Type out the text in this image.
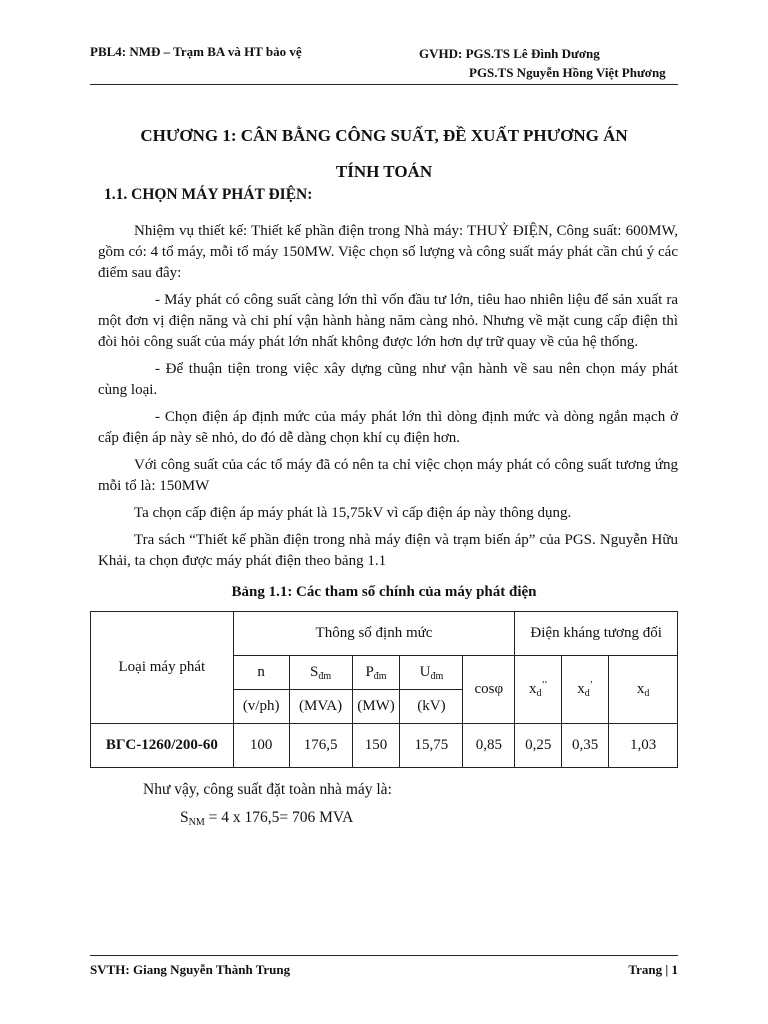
PBL4: NMĐ – Trạm BA và HT bảo vệ	GVHD: PGS.TS Lê Đình Dương
PGS.TS Nguyễn Hồng Việt Phương
CHƯƠNG 1: CÂN BẰNG CÔNG SUẤT, ĐỀ XUẤT PHƯƠNG ÁN
TÍNH TOÁN
1.1. CHỌN MÁY PHÁT ĐIỆN:

Nhiệm vụ thiết kế: Thiết kế phần điện trong Nhà máy: THUỶ ĐIỆN, Công suất: 600MW, gồm có: 4 tổ máy, mỗi tổ máy 150MW. Việc chọn số lượng và công suất máy phát cần chú ý các điểm sau đây:

- Máy phát có công suất càng lớn thì vốn đầu tư lớn, tiêu hao nhiên liệu để sản xuất ra một đơn vị điện năng và chi phí vận hành hàng năm càng nhỏ. Nhưng về mặt cung cấp điện thì đòi hỏi công suất của máy phát lớn nhất không được lớn hơn dự trữ quay về của hệ thống.

- Để thuận tiện trong việc xây dựng cũng như vận hành về sau nên chọn máy phát cùng loại.

- Chọn điện áp định mức của máy phát lớn thì dòng định mức và dòng ngắn mạch ở cấp điện áp này sẽ nhỏ, do đó dễ dàng chọn khí cụ điện hơn.

Với công suất của các tổ máy đã có nên ta chỉ việc chọn máy phát có công suất tương ứng mỗi tổ là: 150MW

Ta chọn cấp điện áp máy phát là 15,75kV vì cấp điện áp này thông dụng.

Tra sách “Thiết kế phần điện trong nhà máy điện và trạm biến áp” của PGS. Nguyễn Hữu Khải, ta chọn được máy phát điện theo bảng 1.1

Bảng 1.1: Các tham số chính của máy phát điện
Loại máy phát	Thông số định mức					Điện kháng tương đối		
	n	$S_{đm}$	$P_{đm}$	$U_{đm}$	cosφ	$x_d^{’’}$	$x_d^’$	$x_d$
	(v/ph)	(MVA)	(MW)	(kV)				
BΓC-1260/200-60	100	176,5	150	15,75	0,85	0,25	0,35	1,03
Như vậy, công suất đặt toàn nhà máy là:
$S_{NM} = 4$ x 176,5= 706 MVA
SVTH: Giang Nguyễn Thành Trung	Trang | 1
